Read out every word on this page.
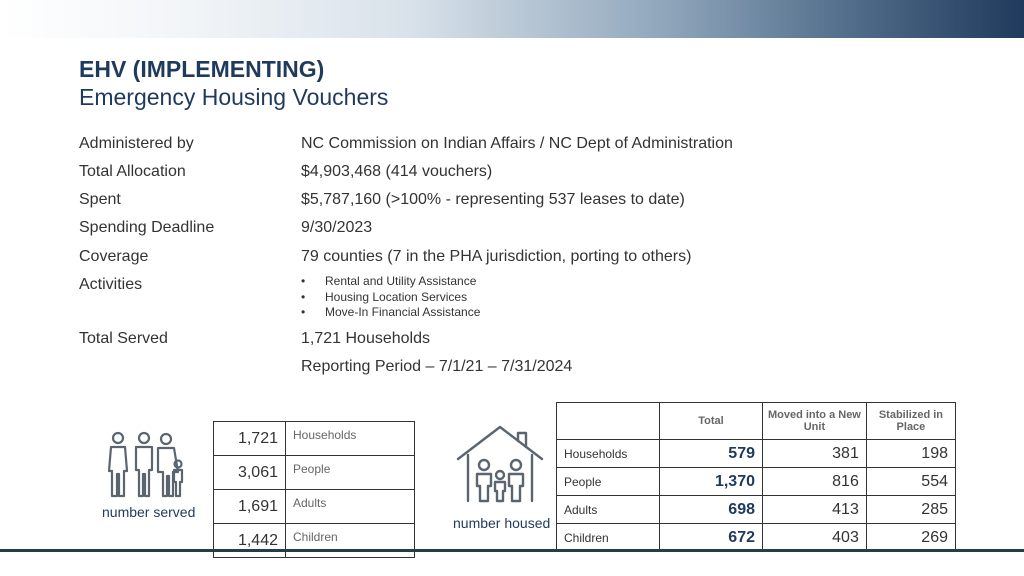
EHV (IMPLEMENTING)
Emergency Housing Vouchers
Administered by	NC Commission on Indian Affairs / NC Dept of Administration
Total Allocation	$4,903,468 (414 vouchers)
Spent	$5,787,160 (>100% - representing 537 leases to date)
Spending Deadline	9/30/2023
Coverage	79 counties (7 in the PHA jurisdiction, porting to others)
Activities	• Rental and Utility Assistance
• Housing Location Services
• Move-In Financial Assistance
Total Served	1,721 Households
Reporting Period – 7/1/21 – 7/31/2024
number served
1,721	Households
3,061	People
1,691	Adults
1,442	Children
number housed
	Total	Moved into a New Unit	Stabilized in Place
Households	579	381	198
People	1,370	816	554
Adults	698	413	285
Children	672	403	269
